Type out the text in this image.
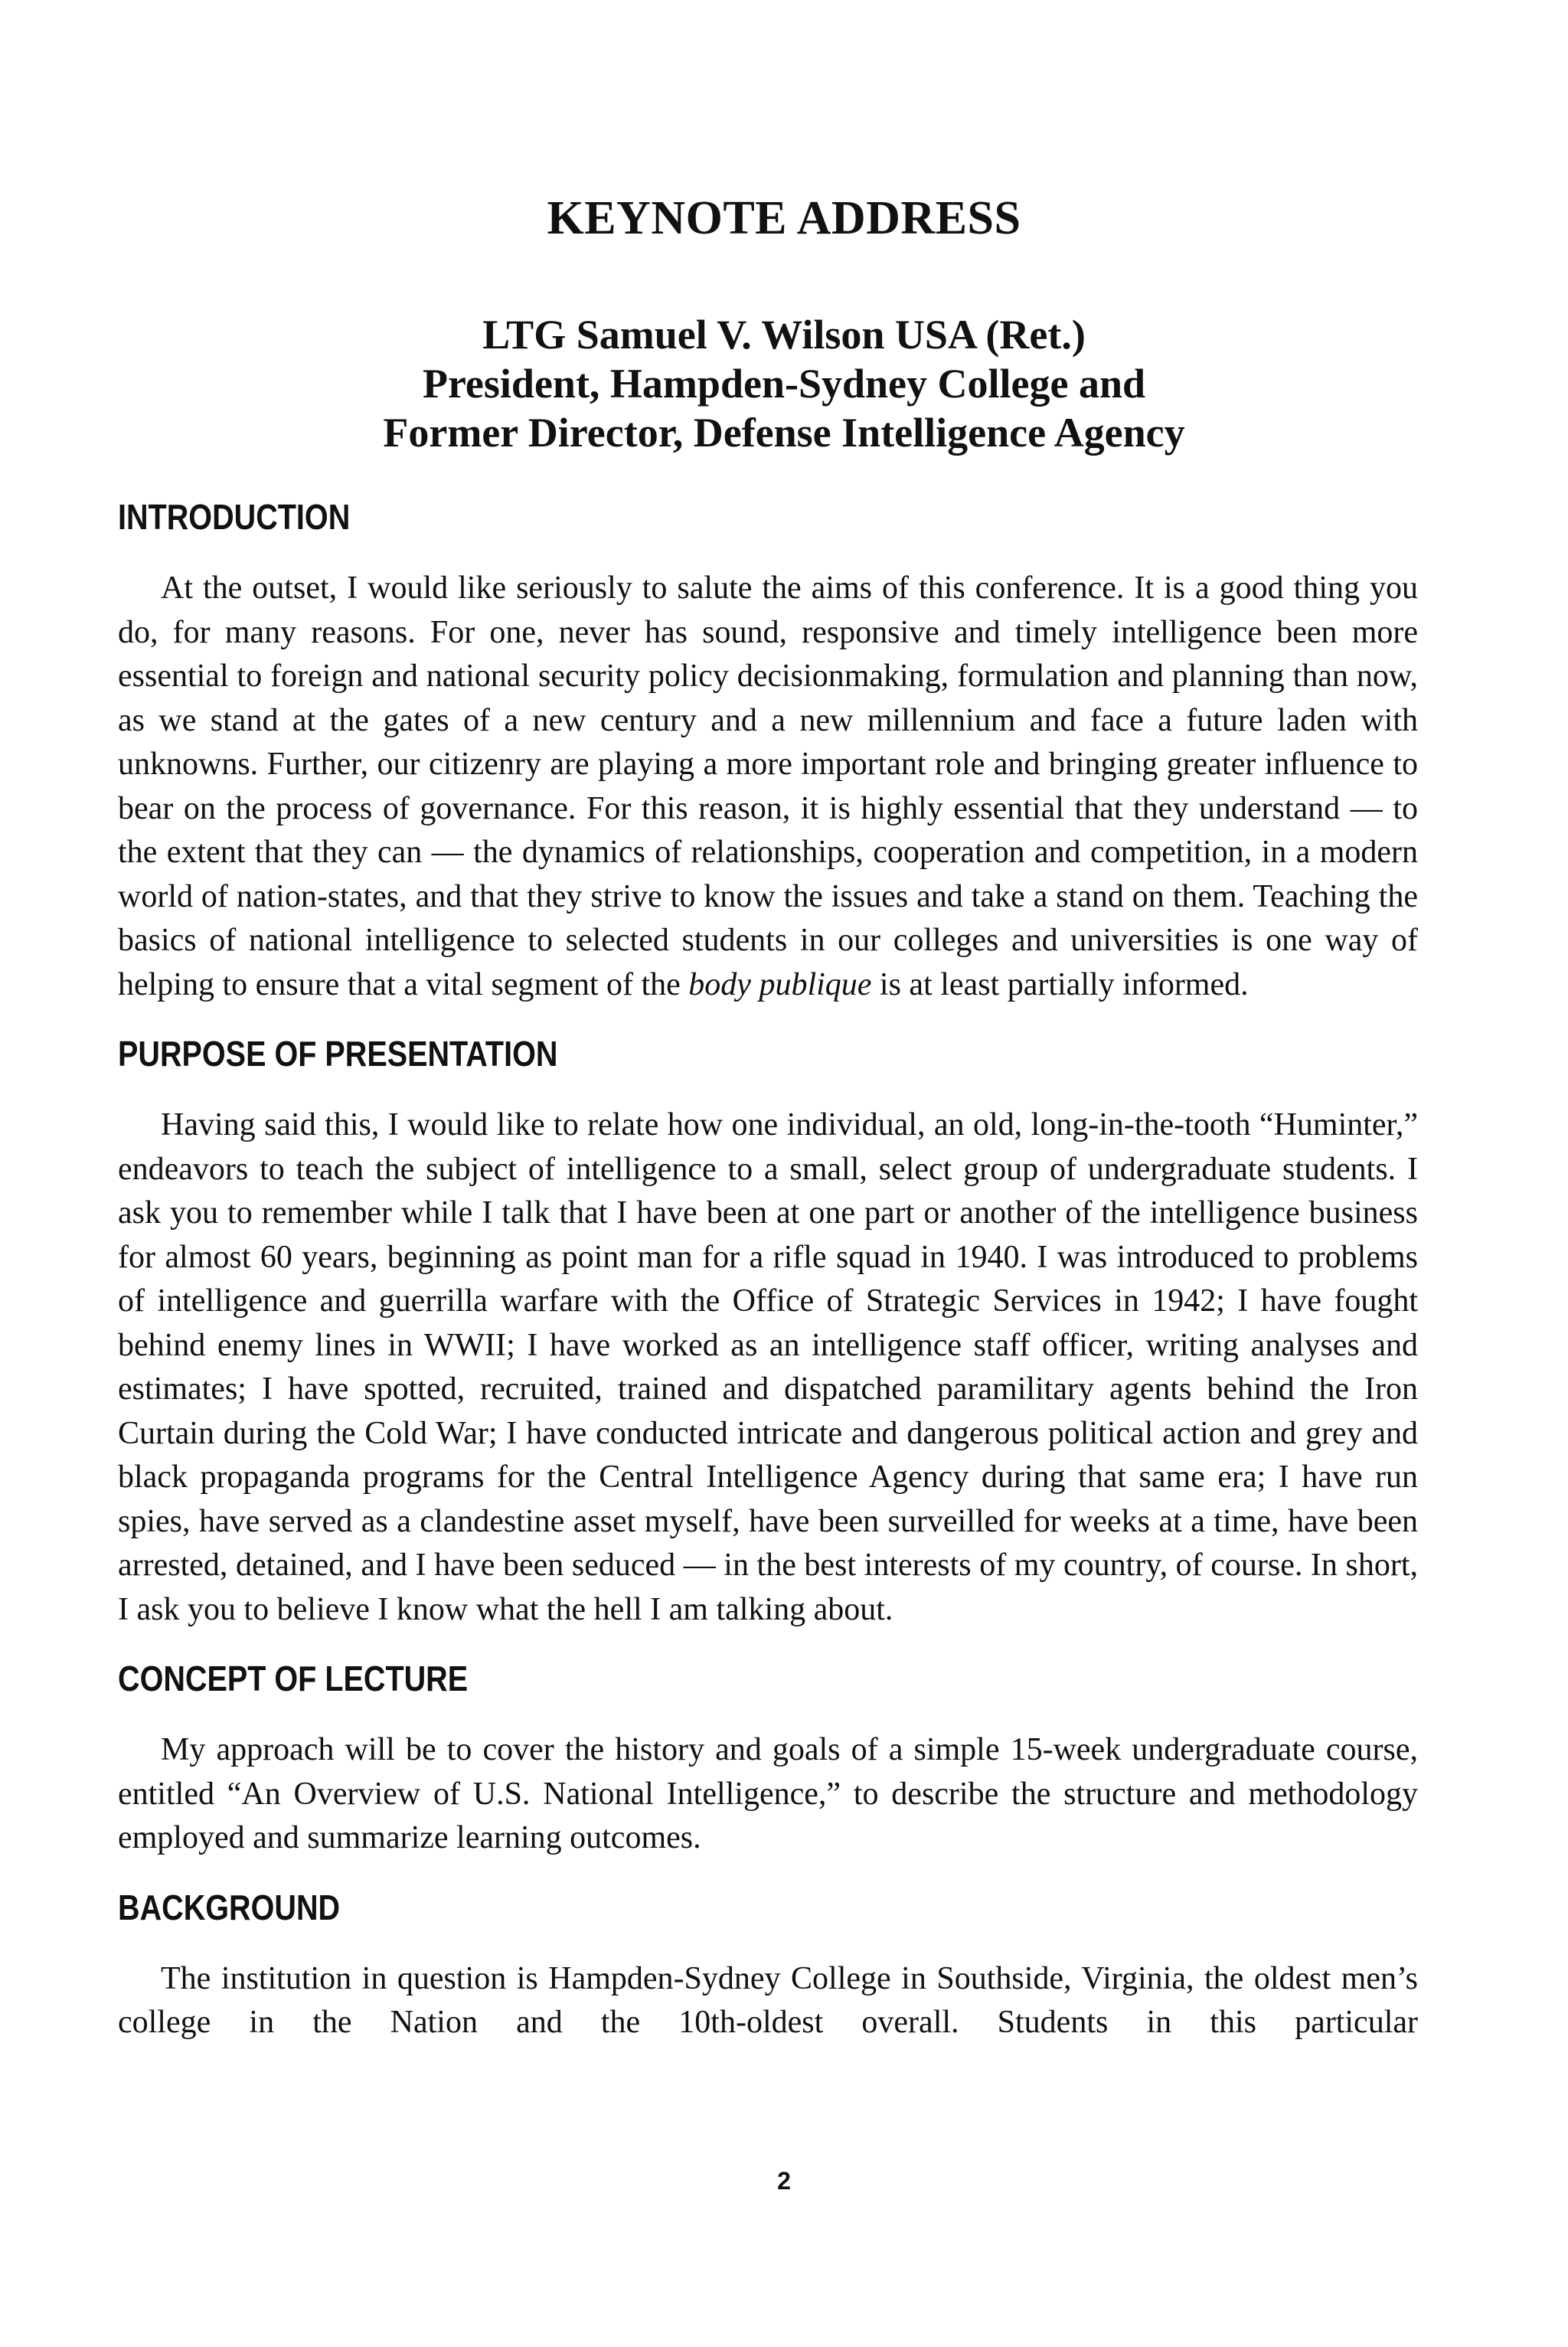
KEYNOTE ADDRESS
LTG Samuel V. Wilson USA (Ret.)
President, Hampden-Sydney College and
Former Director, Defense Intelligence Agency
INTRODUCTION

At the outset, I would like seriously to salute the aims of this conference. It is a good thing you do, for many reasons. For one, never has sound, responsive and timely intelligence been more essential to foreign and national security policy decisionmaking, formulation and planning than now, as we stand at the gates of a new century and a new millennium and face a future laden with unknowns. Further, our citizenry are playing a more important role and bringing greater influence to bear on the process of governance. For this reason, it is highly essential that they understand — to the extent that they can — the dynamics of relationships, cooperation and competition, in a modern world of nation-states, and that they strive to know the issues and take a stand on them. Teaching the basics of national intelligence to selected students in our colleges and universities is one way of helping to ensure that a vital segment of the body publique is at least partially informed.

PURPOSE OF PRESENTATION

Having said this, I would like to relate how one individual, an old, long-in-the-tooth “Huminter,” endeavors to teach the subject of intelligence to a small, select group of undergraduate students. I ask you to remember while I talk that I have been at one part or another of the intelligence business for almost 60 years, beginning as point man for a rifle squad in 1940. I was introduced to problems of intelligence and guerrilla warfare with the Office of Strategic Services in 1942; I have fought behind enemy lines in WWII; I have worked as an intelligence staff officer, writing analyses and estimates; I have spotted, recruited, trained and dispatched paramilitary agents behind the Iron Curtain during the Cold War; I have conducted intricate and dangerous political action and grey and black propaganda programs for the Central Intelligence Agency during that same era; I have run spies, have served as a clandestine asset myself, have been surveilled for weeks at a time, have been arrested, detained, and I have been seduced — in the best interests of my country, of course. In short, I ask you to believe I know what the hell I am talking about.

CONCEPT OF LECTURE

My approach will be to cover the history and goals of a simple 15-week undergraduate course, entitled “An Overview of U.S. National Intelligence,” to describe the structure and methodology employed and summarize learning outcomes.

BACKGROUND

The institution in question is Hampden-Sydney College in Southside, Virginia, the oldest men’s college in the Nation and the 10th-oldest overall. Students in this particular

2
